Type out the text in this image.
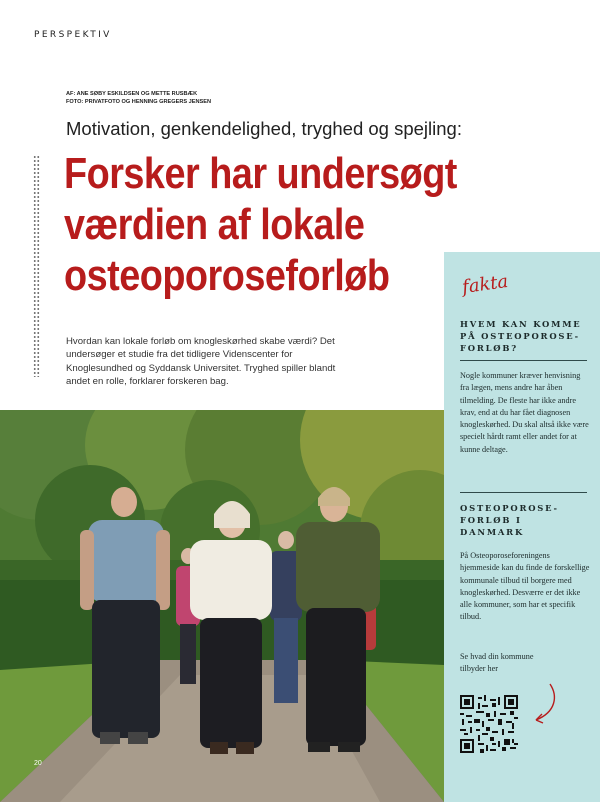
PERSPEKTIV
AF: ANE SØBY ESKILDSEN OG METTE RUSBÆK
FOTO: PRIVATFOTO OG HENNING GREGERS JENSEN
Motivation, genkendelighed, tryghed og spejling:
Forsker har undersøgt
værdien af lokale
osteoporoseforløb

Hvordan kan lokale forløb om knogleskørhed skabe værdi? Det undersøger et studie fra det tidligere Videnscenter for Knoglesundhed og Syddansk Universitet. Tryghed spiller blandt andet en rolle, forklarer forskeren bag.

20
fakta
HVEM KAN KOMME PÅ OSTEOPOROSE-FORLØB?
Nogle kommuner kræver henvisning fra lægen, mens andre har åben tilmelding. De fleste har ikke andre krav, end at du har fået diagnosen knogleskørhed. Du skal altså ikke være specielt hårdt ramt eller andet for at kunne deltage.
OSTEOPOROSE-FORLØB I DANMARK
På Osteoporoseforeningens hjemmeside kan du finde de forskellige kommunale tilbud til borgere med knogleskørhed. Desværre er det ikke alle kommuner, som har et specifik tilbud.
Se hvad din kommune tilbyder her
